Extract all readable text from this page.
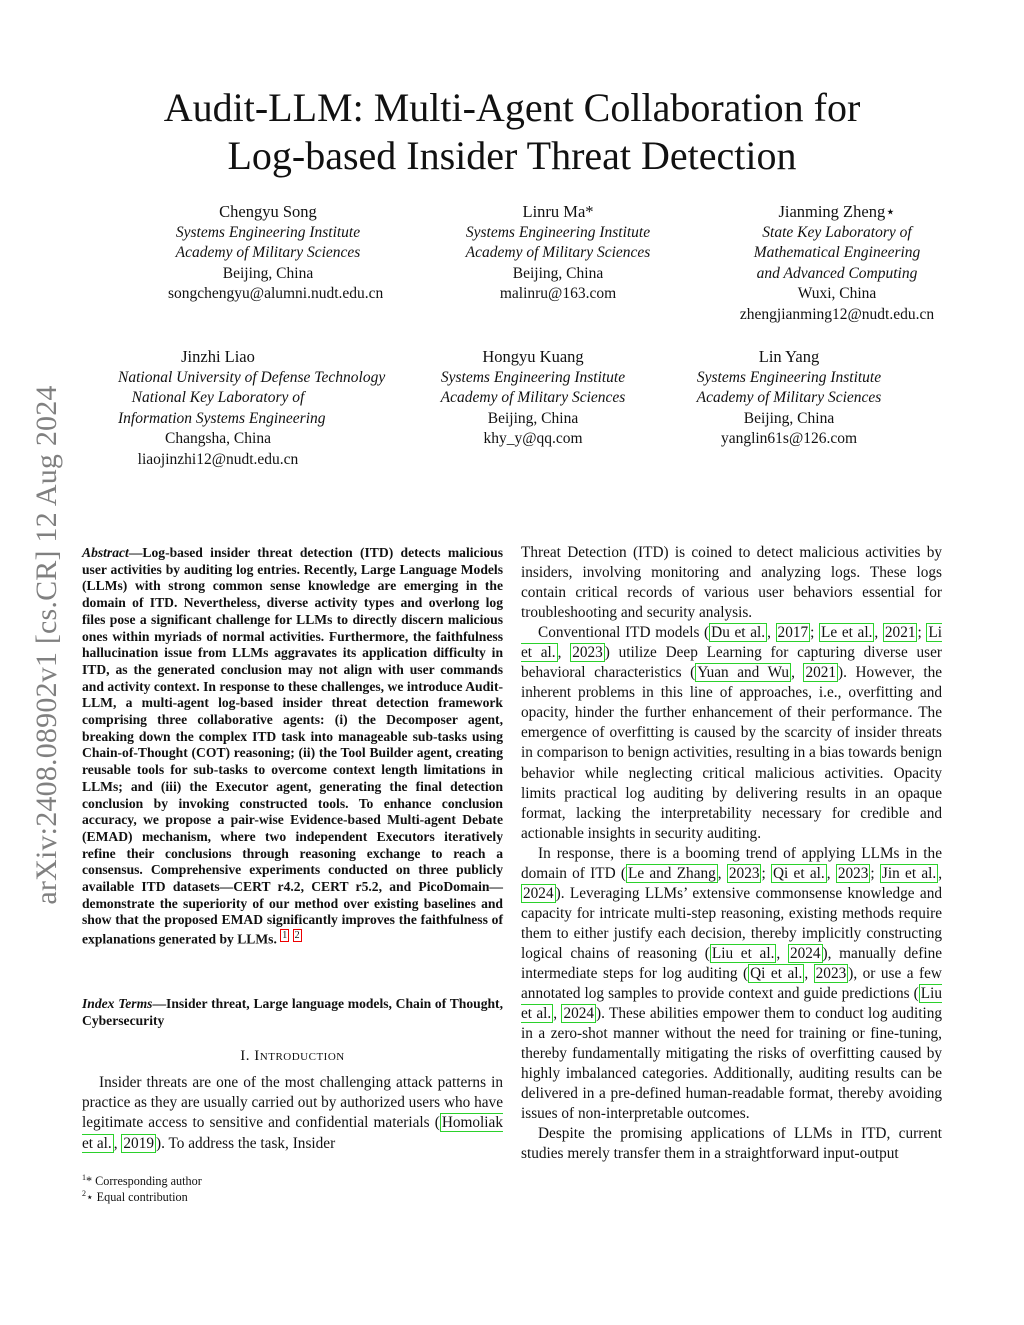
arXiv:2408.08902v1 [cs.CR] 12 Aug 2024
Audit-LLM: Multi-Agent Collaboration for
Log-based Insider Threat Detection
Chengyu Song
Systems Engineering Institute
Academy of Military Sciences
Beijing, China
songchengyu@alumni.nudt.edu.cn
Linru Ma*
Systems Engineering Institute
Academy of Military Sciences
Beijing, China
malinru@163.com
Jianming Zheng⋆
State Key Laboratory of
Mathematical Engineering
and Advanced Computing
Wuxi, China
zhengjianming12@nudt.edu.cn
Jinzhi Liao
National University of Defense Technology
National Key Laboratory of
Information Systems Engineering
Changsha, China
liaojinzhi12@nudt.edu.cn
Hongyu Kuang
Systems Engineering Institute
Academy of Military Sciences
Beijing, China
khy_y@qq.com
Lin Yang
Systems Engineering Institute
Academy of Military Sciences
Beijing, China
yanglin61s@126.com
Abstract—Log-based insider threat detection (ITD) detects malicious user activities by auditing log entries. Recently, Large Language Models (LLMs) with strong common sense knowledge are emerging in the domain of ITD. Nevertheless, diverse activity types and overlong log files pose a significant challenge for LLMs to directly discern malicious ones within myriads of normal activities. Furthermore, the faithfulness hallucination issue from LLMs aggravates its application difficulty in ITD, as the generated conclusion may not align with user commands and activity context. In response to these challenges, we introduce Audit-LLM, a multi-agent log-based insider threat detection framework comprising three collaborative agents: (i) the Decomposer agent, breaking down the complex ITD task into manageable sub-tasks using Chain-of-Thought (COT) reasoning; (ii) the Tool Builder agent, creating reusable tools for sub-tasks to overcome context length limitations in LLMs; and (iii) the Executor agent, generating the final detection conclusion by invoking constructed tools. To enhance conclusion accuracy, we propose a pair-wise Evidence-based Multi-agent Debate (EMAD) mechanism, where two independent Executors iteratively refine their conclusions through reasoning exchange to reach a consensus. Comprehensive experiments conducted on three publicly available ITD datasets—CERT r4.2, CERT r5.2, and PicoDomain—demonstrate the superiority of our method over existing baselines and show that the proposed EMAD significantly improves the faithfulness of explanations generated by LLMs. 1 2
Index Terms—Insider threat, Large language models, Chain of Thought, Cybersecurity
I. Introduction

Insider threats are one of the most challenging attack patterns in practice as they are usually carried out by authorized users who have legitimate access to sensitive and confidential materials ( Homoliak et al. , 2019 ). To address the task, Insider

$^1$* Corresponding author
$^2$⋆ Equal contribution

Threat Detection (ITD) is coined to detect malicious activities by insiders, involving monitoring and analyzing logs. These logs contain critical records of various user behaviors essential for troubleshooting and security analysis.

Conventional ITD models ( Du et al. , 2017 ; Le et al. , 2021 ; Li et al. , 2023 ) utilize Deep Learning for capturing diverse user behavioral characteristics ( Yuan and Wu , 2021 ). However, the inherent problems in this line of approaches, i.e., overfitting and opacity, hinder the further enhancement of their performance. The emergence of overfitting is caused by the scarcity of insider threats in comparison to benign activities, resulting in a bias towards benign behavior while neglecting critical malicious activities. Opacity limits practical log auditing by delivering results in an opaque format, lacking the interpretability necessary for credible and actionable insights in security auditing.

In response, there is a booming trend of applying LLMs in the domain of ITD ( Le and Zhang , 2023 ; Qi et al. , 2023 ; Jin et al. , 2024 ). Leveraging LLMs’ extensive commonsense knowledge and capacity for intricate multi-step reasoning, existing methods require them to either justify each decision, thereby implicitly constructing logical chains of reasoning ( Liu et al. , 2024 ), manually define intermediate steps for log auditing ( Qi et al. , 2023 ), or use a few annotated log samples to provide context and guide predictions ( Liu et al. , 2024 ). These abilities empower them to conduct log auditing in a zero-shot manner without the need for training or fine-tuning, thereby fundamentally mitigating the risks of overfitting caused by highly imbalanced categories. Additionally, auditing results can be delivered in a pre-defined human-readable format, thereby avoiding issues of non-interpretable outcomes.

Despite the promising applications of LLMs in ITD, current studies merely transfer them in a straightforward input-output
